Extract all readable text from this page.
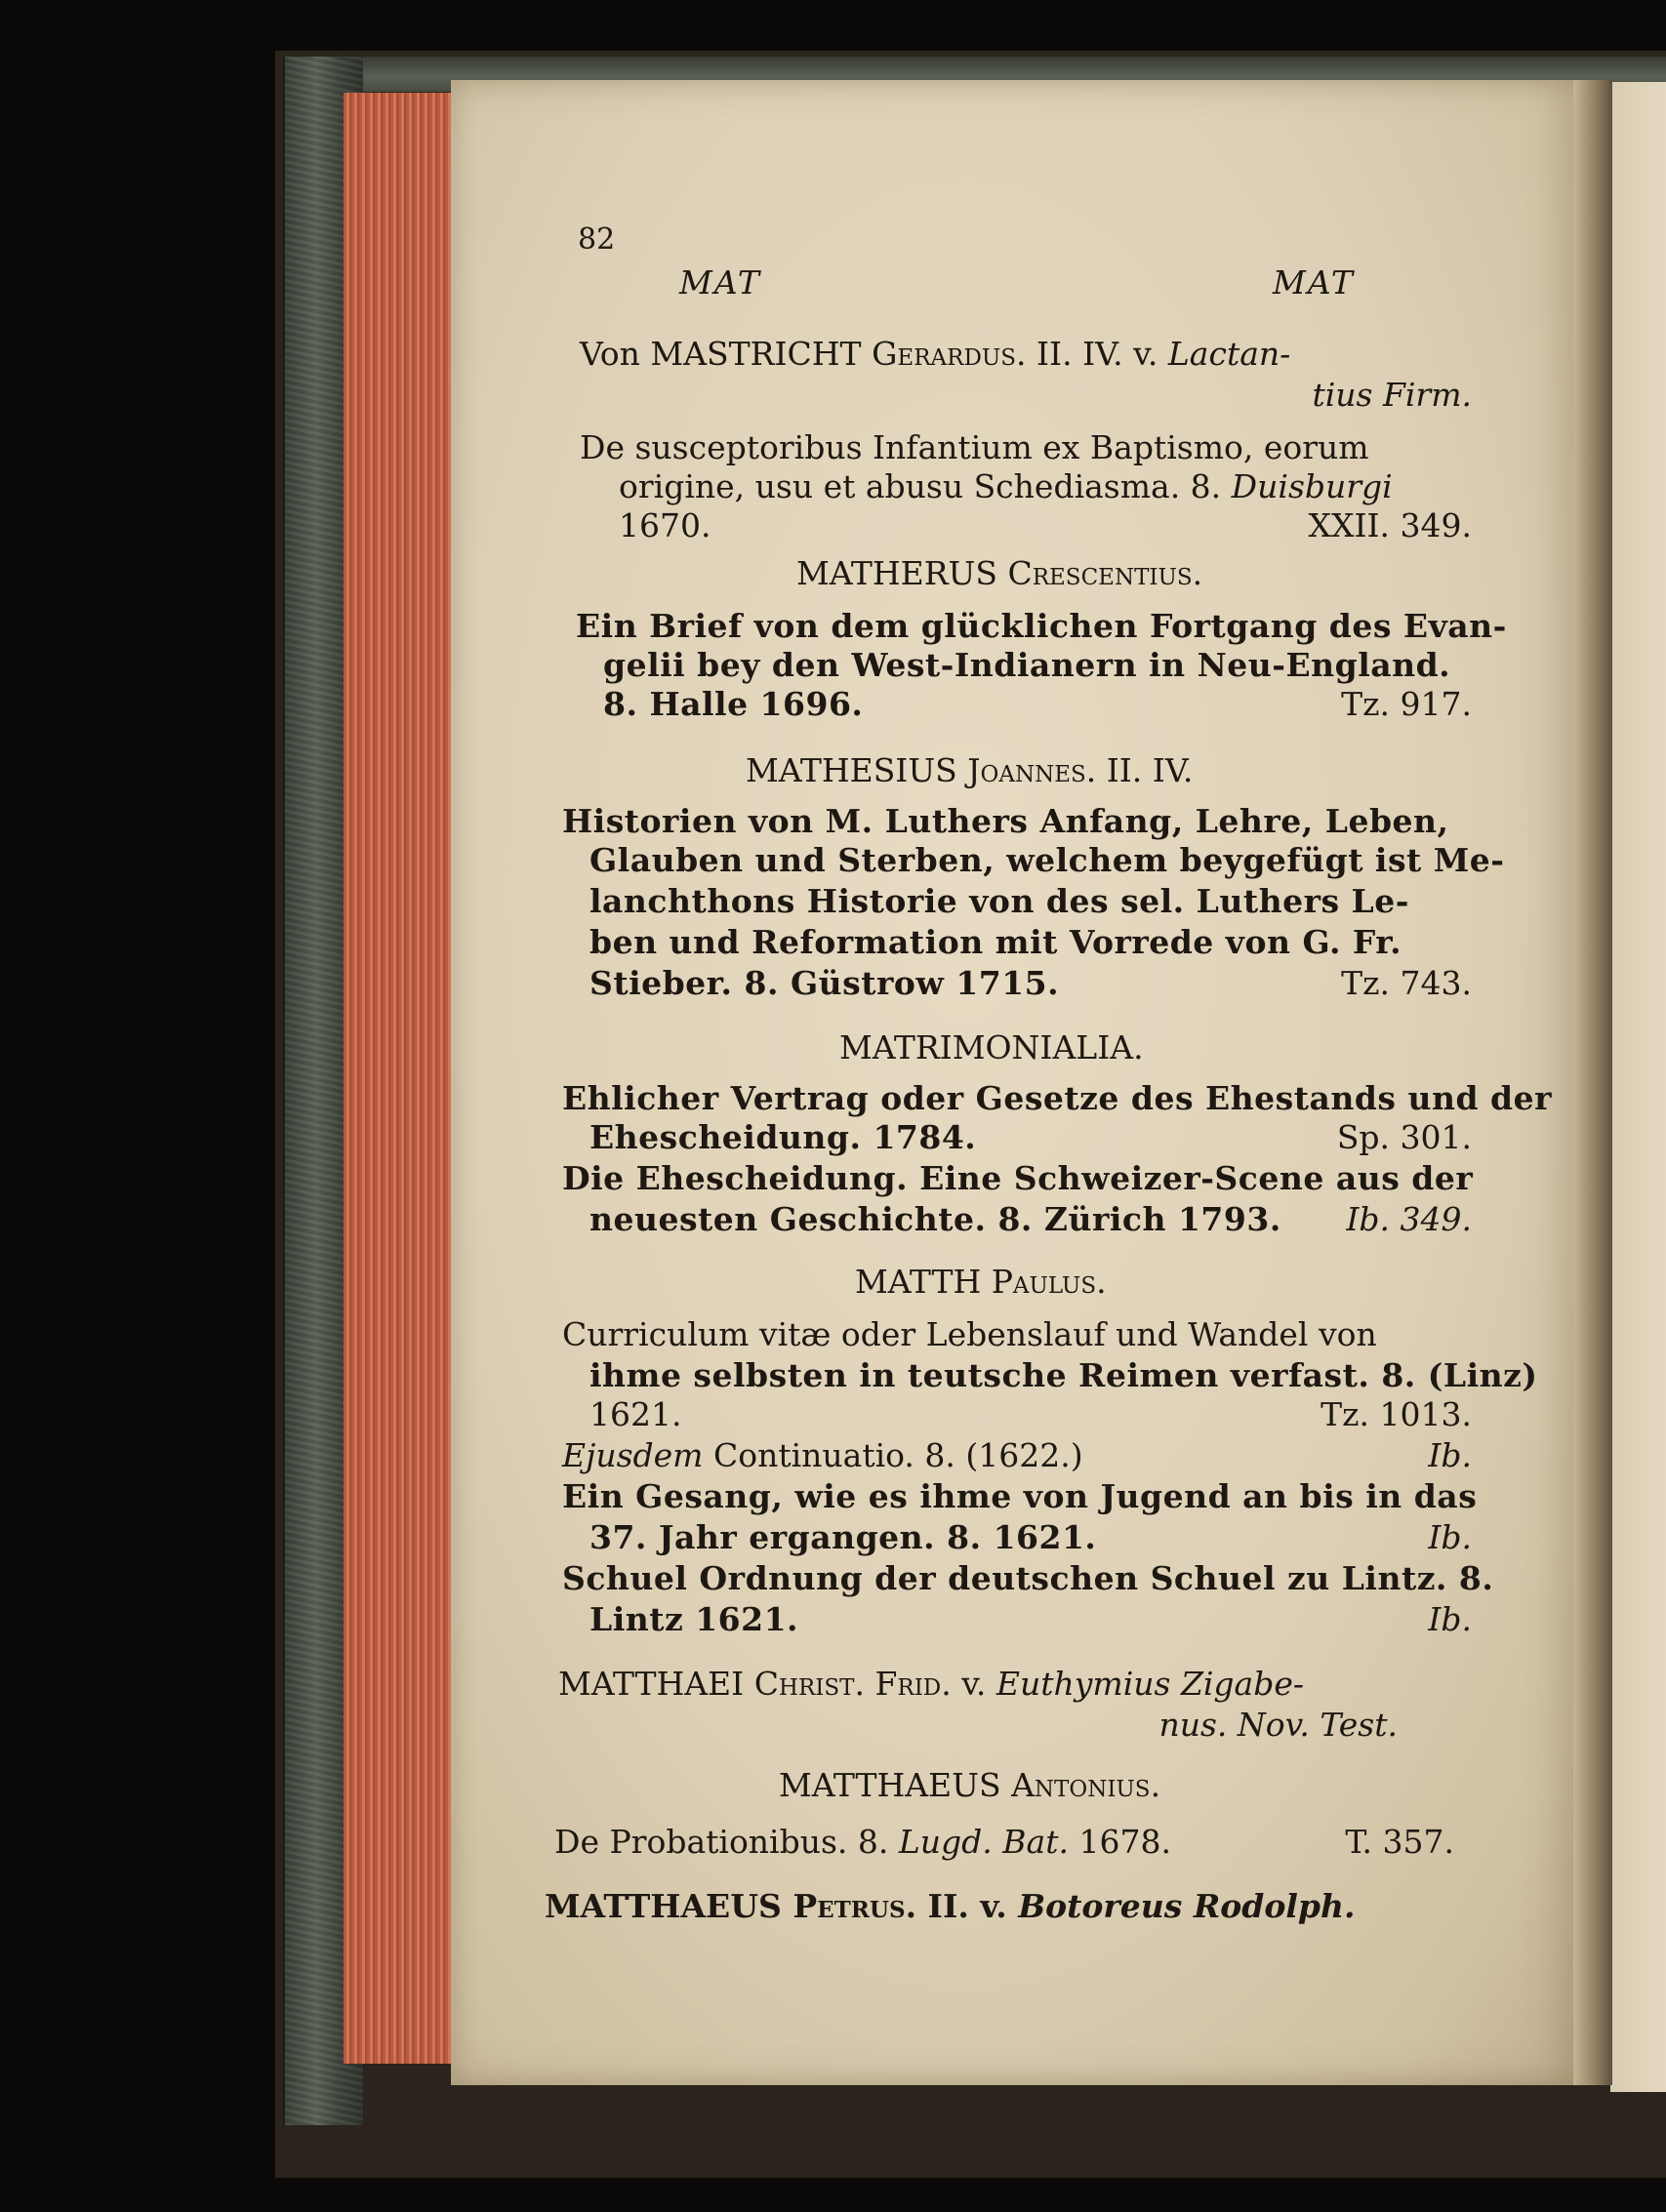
82
MAT	MAT
Von MASTRICHT Gerardus. II. IV. v. Lactan-
tius Firm.
De susceptoribus Infantium ex Baptismo, eorum
origine, usu et abusu Schediasma. 8. Duisburgi
1670.	XXII. 349.
MATHERUS Crescentius.
Ein Brief von dem glücklichen Fortgang des Evan-
gelii bey den West-Indianern in Neu-England.
8. Halle 1696.	Tz. 917.
MATHESIUS Joannes. II. IV.
Historien von M. Luthers Anfang, Lehre, Leben,
Glauben und Sterben, welchem beygefügt ist Me-
lanchthons Historie von des sel. Luthers Le-
ben und Reformation mit Vorrede von G. Fr.
Stieber. 8. Güstrow 1715.	Tz. 743.
MATRIMONIALIA.
Ehlicher Vertrag oder Gesetze des Ehestands und der
Ehescheidung. 1784.	Sp. 301.
Die Ehescheidung. Eine Schweizer-Scene aus der
neuesten Geschichte. 8. Zürich 1793.	Ib. 349.
MATTH Paulus.
Curriculum vitæ oder Lebenslauf und Wandel von
ihme selbsten in teutsche Reimen verfast. 8. (Linz)
1621.	Tz. 1013.
Ejusdem Continuatio. 8. (1622.)	Ib.
Ein Gesang, wie es ihme von Jugend an bis in das
37. Jahr ergangen. 8. 1621.	Ib.
Schuel Ordnung der deutschen Schuel zu Lintz. 8.
Lintz 1621.	Ib.
MATTHAEI Christ. Frid. v. Euthymius Zigabe-
nus. Nov. Test.
MATTHAEUS Antonius.
De Probationibus. 8. Lugd. Bat. 1678.	T. 357.
MATTHAEUS Petrus. II. v. Botoreus Rodolph.
